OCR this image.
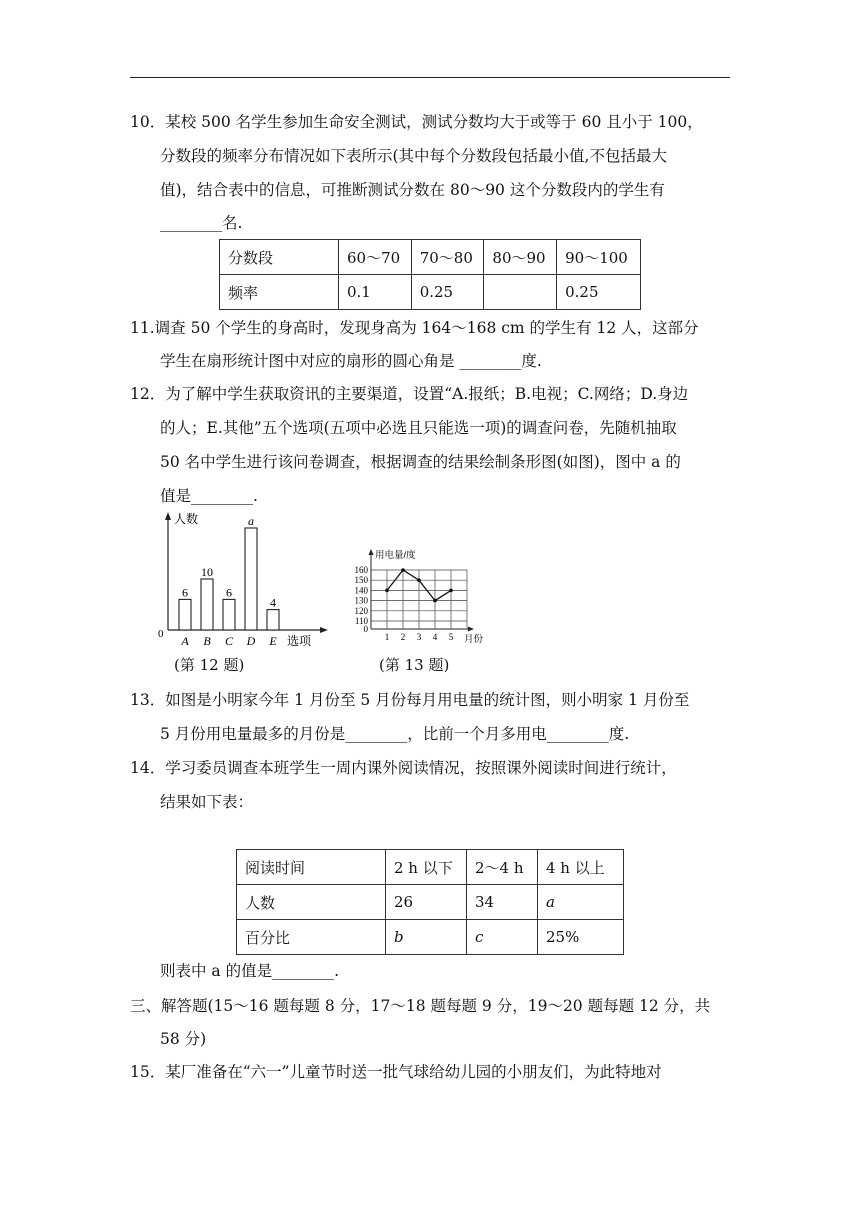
10．某校 500 名学生参加生命安全测试，测试分数均大于或等于 60 且小于 100，
分数段的频率分布情况如下表所示(其中每个分数段包括最小值,不包括最大
值)，结合表中的信息，可推断测试分数在 80～90 这个分数段内的学生有
________名.
分数段	60～70	70～80	80～90	90～100
频率	0.1	0.25		0.25
11.调查 50 个学生的身高时，发现身高为 164～168 cm 的学生有 12 人，这部分
学生在扇形统计图中对应的扇形的圆心角是 ________度.
12．为了解中学生获取资讯的主要渠道，设置“A.报纸；B.电视；C.网络；D.身边
的人；E.其他”五个选项(五项中必选且只能选一项)的调查问卷，先随机抽取
50 名中学生进行该问卷调查，根据调查的结果绘制条形图(如图)，图中 a 的
值是________.
人数
选项
0
6
A
10
B
6
C
a
D
4
E
用电量/度
月份
0
110
120
130
140
150
160
1 2 3 4 5
(第 12 题)	(第 13 题)
13．如图是小明家今年 1 月份至 5 月份每月用电量的统计图，则小明家 1 月份至
5 月份用电量最多的月份是________，比前一个月多用电________度.
14．学习委员调查本班学生一周内课外阅读情况，按照课外阅读时间进行统计，
结果如下表：
阅读时间	2 h 以下	2～4 h	4 h 以上
人数	26	34	a
百分比	b	c	25%
则表中 a 的值是________.
三、解答题(15～16 题每题 8 分，17～18 题每题 9 分，19～20 题每题 12 分，共
58 分)
15．某厂准备在“六一”儿童节时送一批气球给幼儿园的小朋友们，为此特地对
